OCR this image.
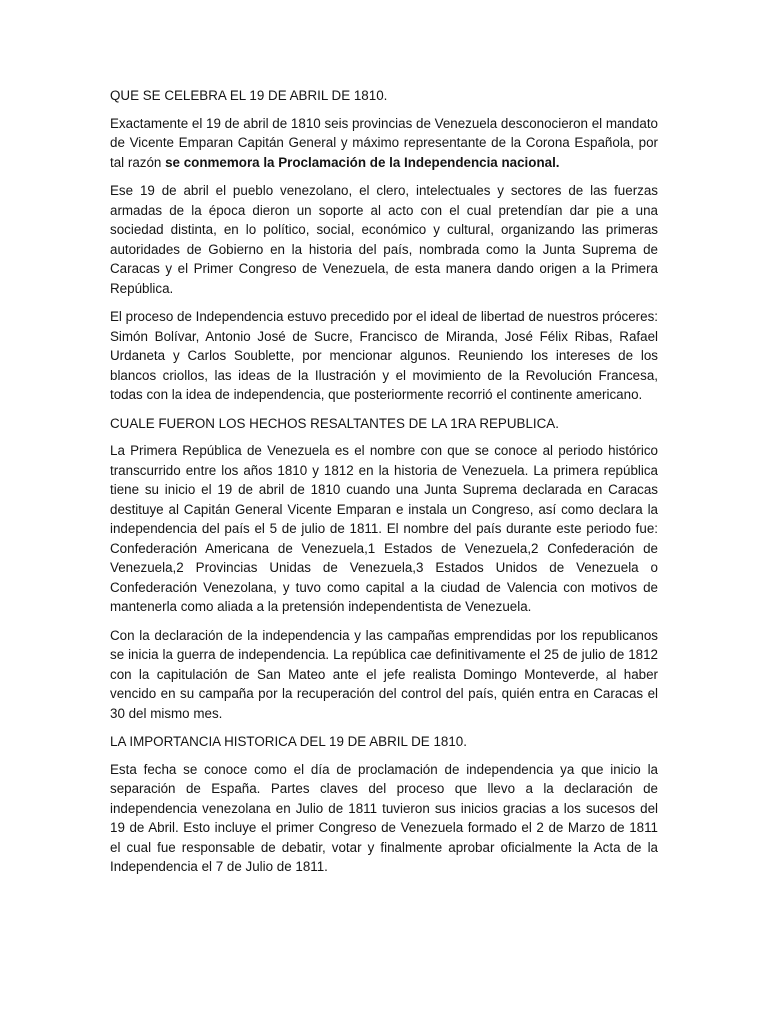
QUE SE CELEBRA EL 19 DE ABRIL DE 1810.

Exactamente el 19 de abril de 1810 seis provincias de Venezuela desconocieron el mandato de Vicente Emparan Capitán General y máximo representante de la Corona Española, por tal razón se conmemora la Proclamación de la Independencia nacional.

Ese 19 de abril el pueblo venezolano, el clero, intelectuales y sectores de las fuerzas armadas de la época dieron un soporte al acto con el cual pretendían dar pie a una sociedad distinta, en lo político, social, económico y cultural, organizando las primeras autoridades de Gobierno en la historia del país, nombrada como la Junta Suprema de Caracas y el Primer Congreso de Venezuela, de esta manera dando origen a la Primera República.

El proceso de Independencia estuvo precedido por el ideal de libertad de nuestros próceres: Simón Bolívar, Antonio José de Sucre, Francisco de Miranda, José Félix Ribas, Rafael Urdaneta y Carlos Soublette, por mencionar algunos. Reuniendo los intereses de los blancos criollos, las ideas de la Ilustración y el movimiento de la Revolución Francesa, todas con la idea de independencia, que posteriormente recorrió el continente americano.

CUALE FUERON LOS HECHOS RESALTANTES DE LA 1RA REPUBLICA.

La Primera República de Venezuela es el nombre con que se conoce al periodo histórico transcurrido entre los años 1810 y 1812 en la historia de Venezuela. La primera república tiene su inicio el 19 de abril de 1810 cuando una Junta Suprema declarada en Caracas destituye al Capitán General Vicente Emparan e instala un Congreso, así como declara la independencia del país el 5 de julio de 1811. El nombre del país durante este periodo fue: Confederación Americana de Venezuela,1 Estados de Venezuela,2 Confederación de Venezuela,2 Provincias Unidas de Venezuela,3 Estados Unidos de Venezuela o Confederación Venezolana, y tuvo como capital a la ciudad de Valencia con motivos de mantenerla como aliada a la pretensión independentista de Venezuela.

Con la declaración de la independencia y las campañas emprendidas por los republicanos se inicia la guerra de independencia. La república cae definitivamente el 25 de julio de 1812 con la capitulación de San Mateo ante el jefe realista Domingo Monteverde, al haber vencido en su campaña por la recuperación del control del país, quién entra en Caracas el 30 del mismo mes.

LA IMPORTANCIA HISTORICA DEL 19 DE ABRIL DE 1810.

Esta fecha se conoce como el día de proclamación de independencia ya que inicio la separación de España. Partes claves del proceso que llevo a la declaración de independencia venezolana en Julio de 1811 tuvieron sus inicios gracias a los sucesos del 19 de Abril. Esto incluye el primer Congreso de Venezuela formado el 2 de Marzo de 1811 el cual fue responsable de debatir, votar y finalmente aprobar oficialmente la Acta de la Independencia el 7 de Julio de 1811.
